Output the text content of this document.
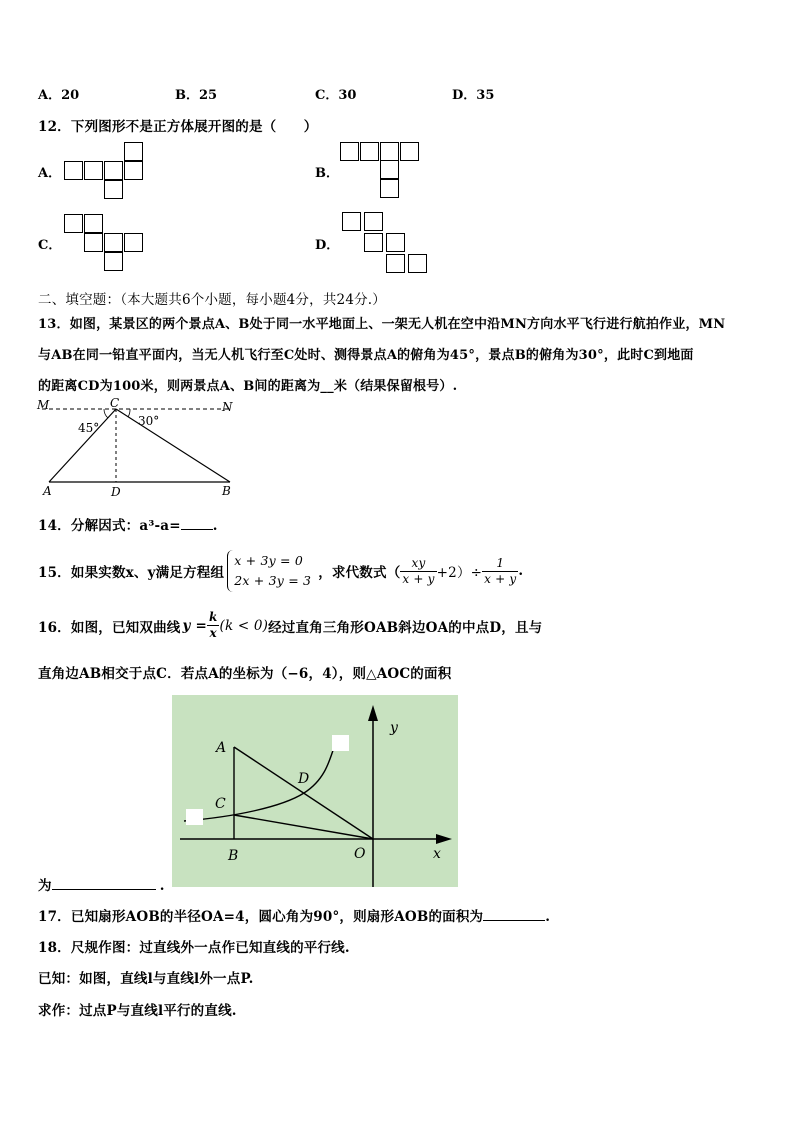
A．20	B．25	C．30	D．35
12．下列图形不是正方体展开图的是（　　）
A．	B．
C．	D．
二、填空题：（本大题共6个小题，每小题4分，共24分.）
13．如图，某景区的两个景点A、B处于同一水平地面上、一架无人机在空中沿MN方向水平飞行进行航拍作业，MN
与AB在同一铅直平面内，当无人机飞行至C处时、测得景点A的俯角为45°，景点B的俯角为30°，此时C到地面
的距离CD为100米，则两景点A、B间的距离为__米（结果保留根号）.
M	C	N
45°	30°
A	D	B
14．分解因式：a³-a= .
15．如果实数x、y满足方程组
x + 3y = 0
2x + 3y = 3 ，求代数式（ $\frac{xy}{x + y} +2)\div \frac{1}{x + y}$ .
16．如图，已知双曲线 $y = \frac{k}{x} (k < 0)$ 经过直角三角形OAB斜边OA的中点D，且与
直角边AB相交于点C．若点A的坐标为（−6，4），则△AOC的面积
A
C
D
B	O	x
y
为	.
17．已知扇形AOB的半径OA=4，圆心角为90°，则扇形AOB的面积为	.
18．尺规作图：过直线外一点作已知直线的平行线.
已知：如图，直线l与直线l外一点P.
求作：过点P与直线l平行的直线.
